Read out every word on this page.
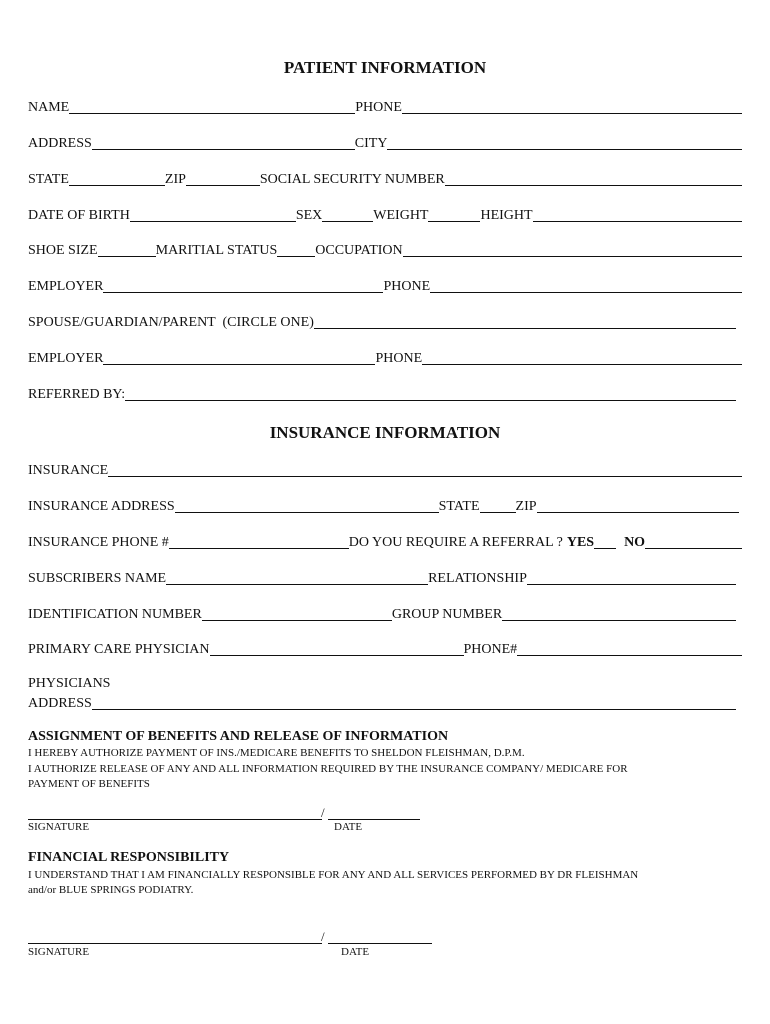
PATIENT INFORMATION
NAME	PHONE
ADDRESS	CITY
STATE	ZIP	SOCIAL SECURITY NUMBER
DATE OF BIRTH	SEX	WEIGHT	HEIGHT
SHOE SIZE	MARITIAL STATUS	OCCUPATION
EMPLOYER	PHONE
SPOUSE/GUARDIAN/PARENT  (CIRCLE ONE)
EMPLOYER	PHONE
REFERRED BY:
INSURANCE INFORMATION
INSURANCE
INSURANCE ADDRESS	STATE	ZIP
INSURANCE PHONE #	DO YOU REQUIRE A REFERRAL ? YES NO
SUBSCRIBERS NAME	RELATIONSHIP
IDENTIFICATION NUMBER	GROUP NUMBER
PRIMARY CARE PHYSICIAN	PHONE#
PHYSICIANS
ADDRESS
ASSIGNMENT OF BENEFITS AND RELEASE OF INFORMATION
I HEREBY AUTHORIZE PAYMENT OF INS./MEDICARE BENEFITS TO SHELDON FLEISHMAN, D.P.M.
I AUTHORIZE RELEASE OF ANY AND ALL INFORMATION REQUIRED BY THE INSURANCE COMPANY/ MEDICARE FOR
PAYMENT OF BENEFITS
/
SIGNATURE	DATE
FINANCIAL RESPONSIBILITY
I UNDERSTAND THAT I AM FINANCIALLY RESPONSIBLE FOR ANY AND ALL SERVICES PERFORMED BY DR FLEISHMAN
and/or BLUE SPRINGS PODIATRY.
/
SIGNATURE	DATE
